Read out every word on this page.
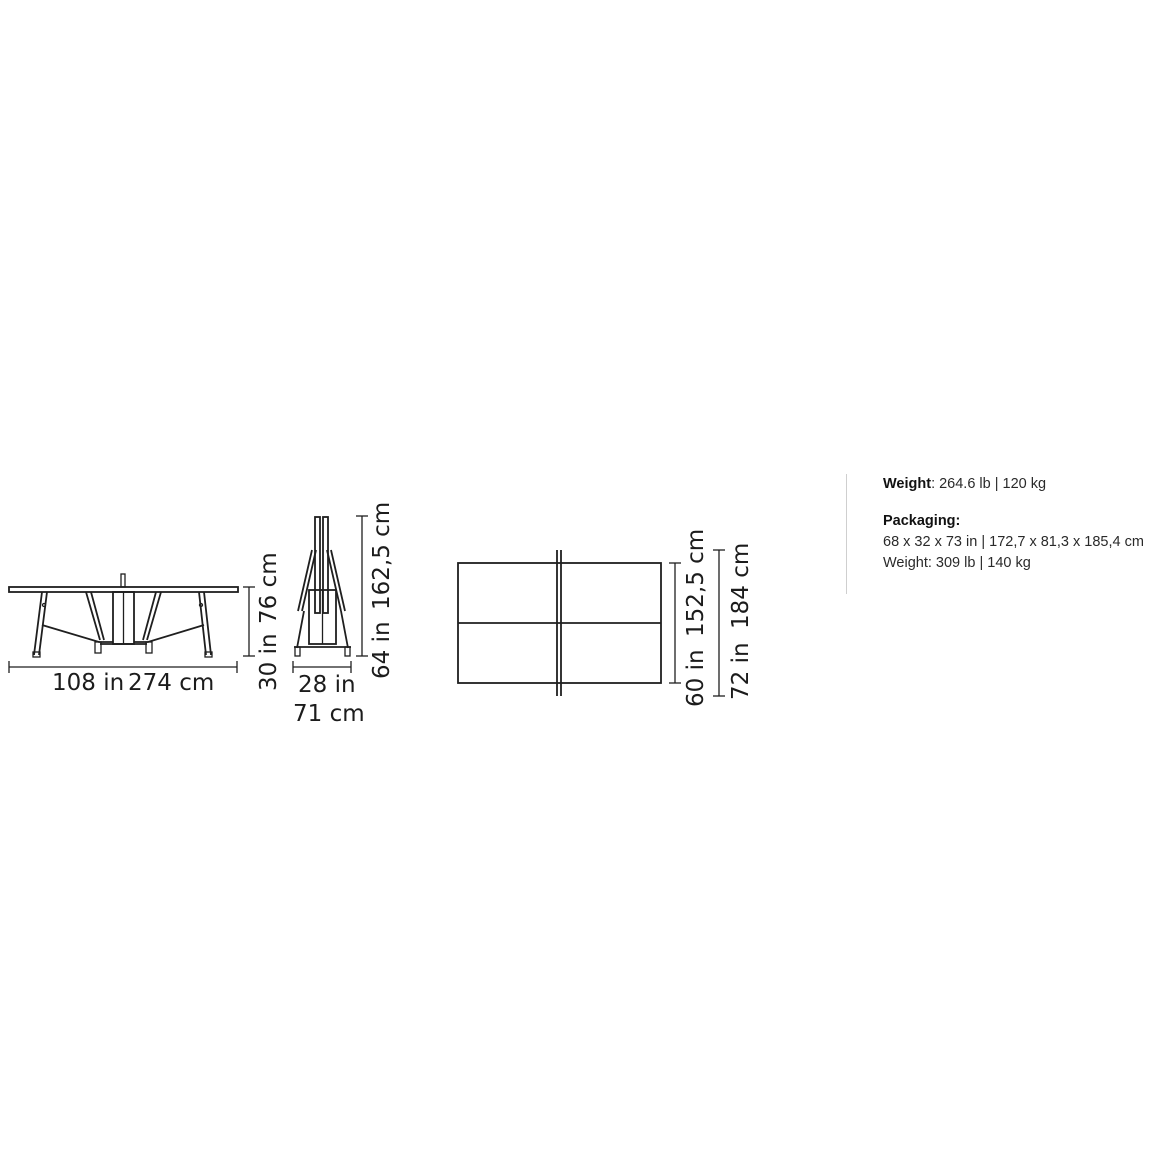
108 in 274 cm 30 in
76 cm
28 in
71 cm
64 in
162,5 cm
60 in
152,5 cm
72 in
184 cm

Weight: 264.6 lb | 120 kg

Packaging:

68 x 32 x 73 in | 172,7 x 81,3 x 185,4 cm

Weight: 309 lb | 140 kg
